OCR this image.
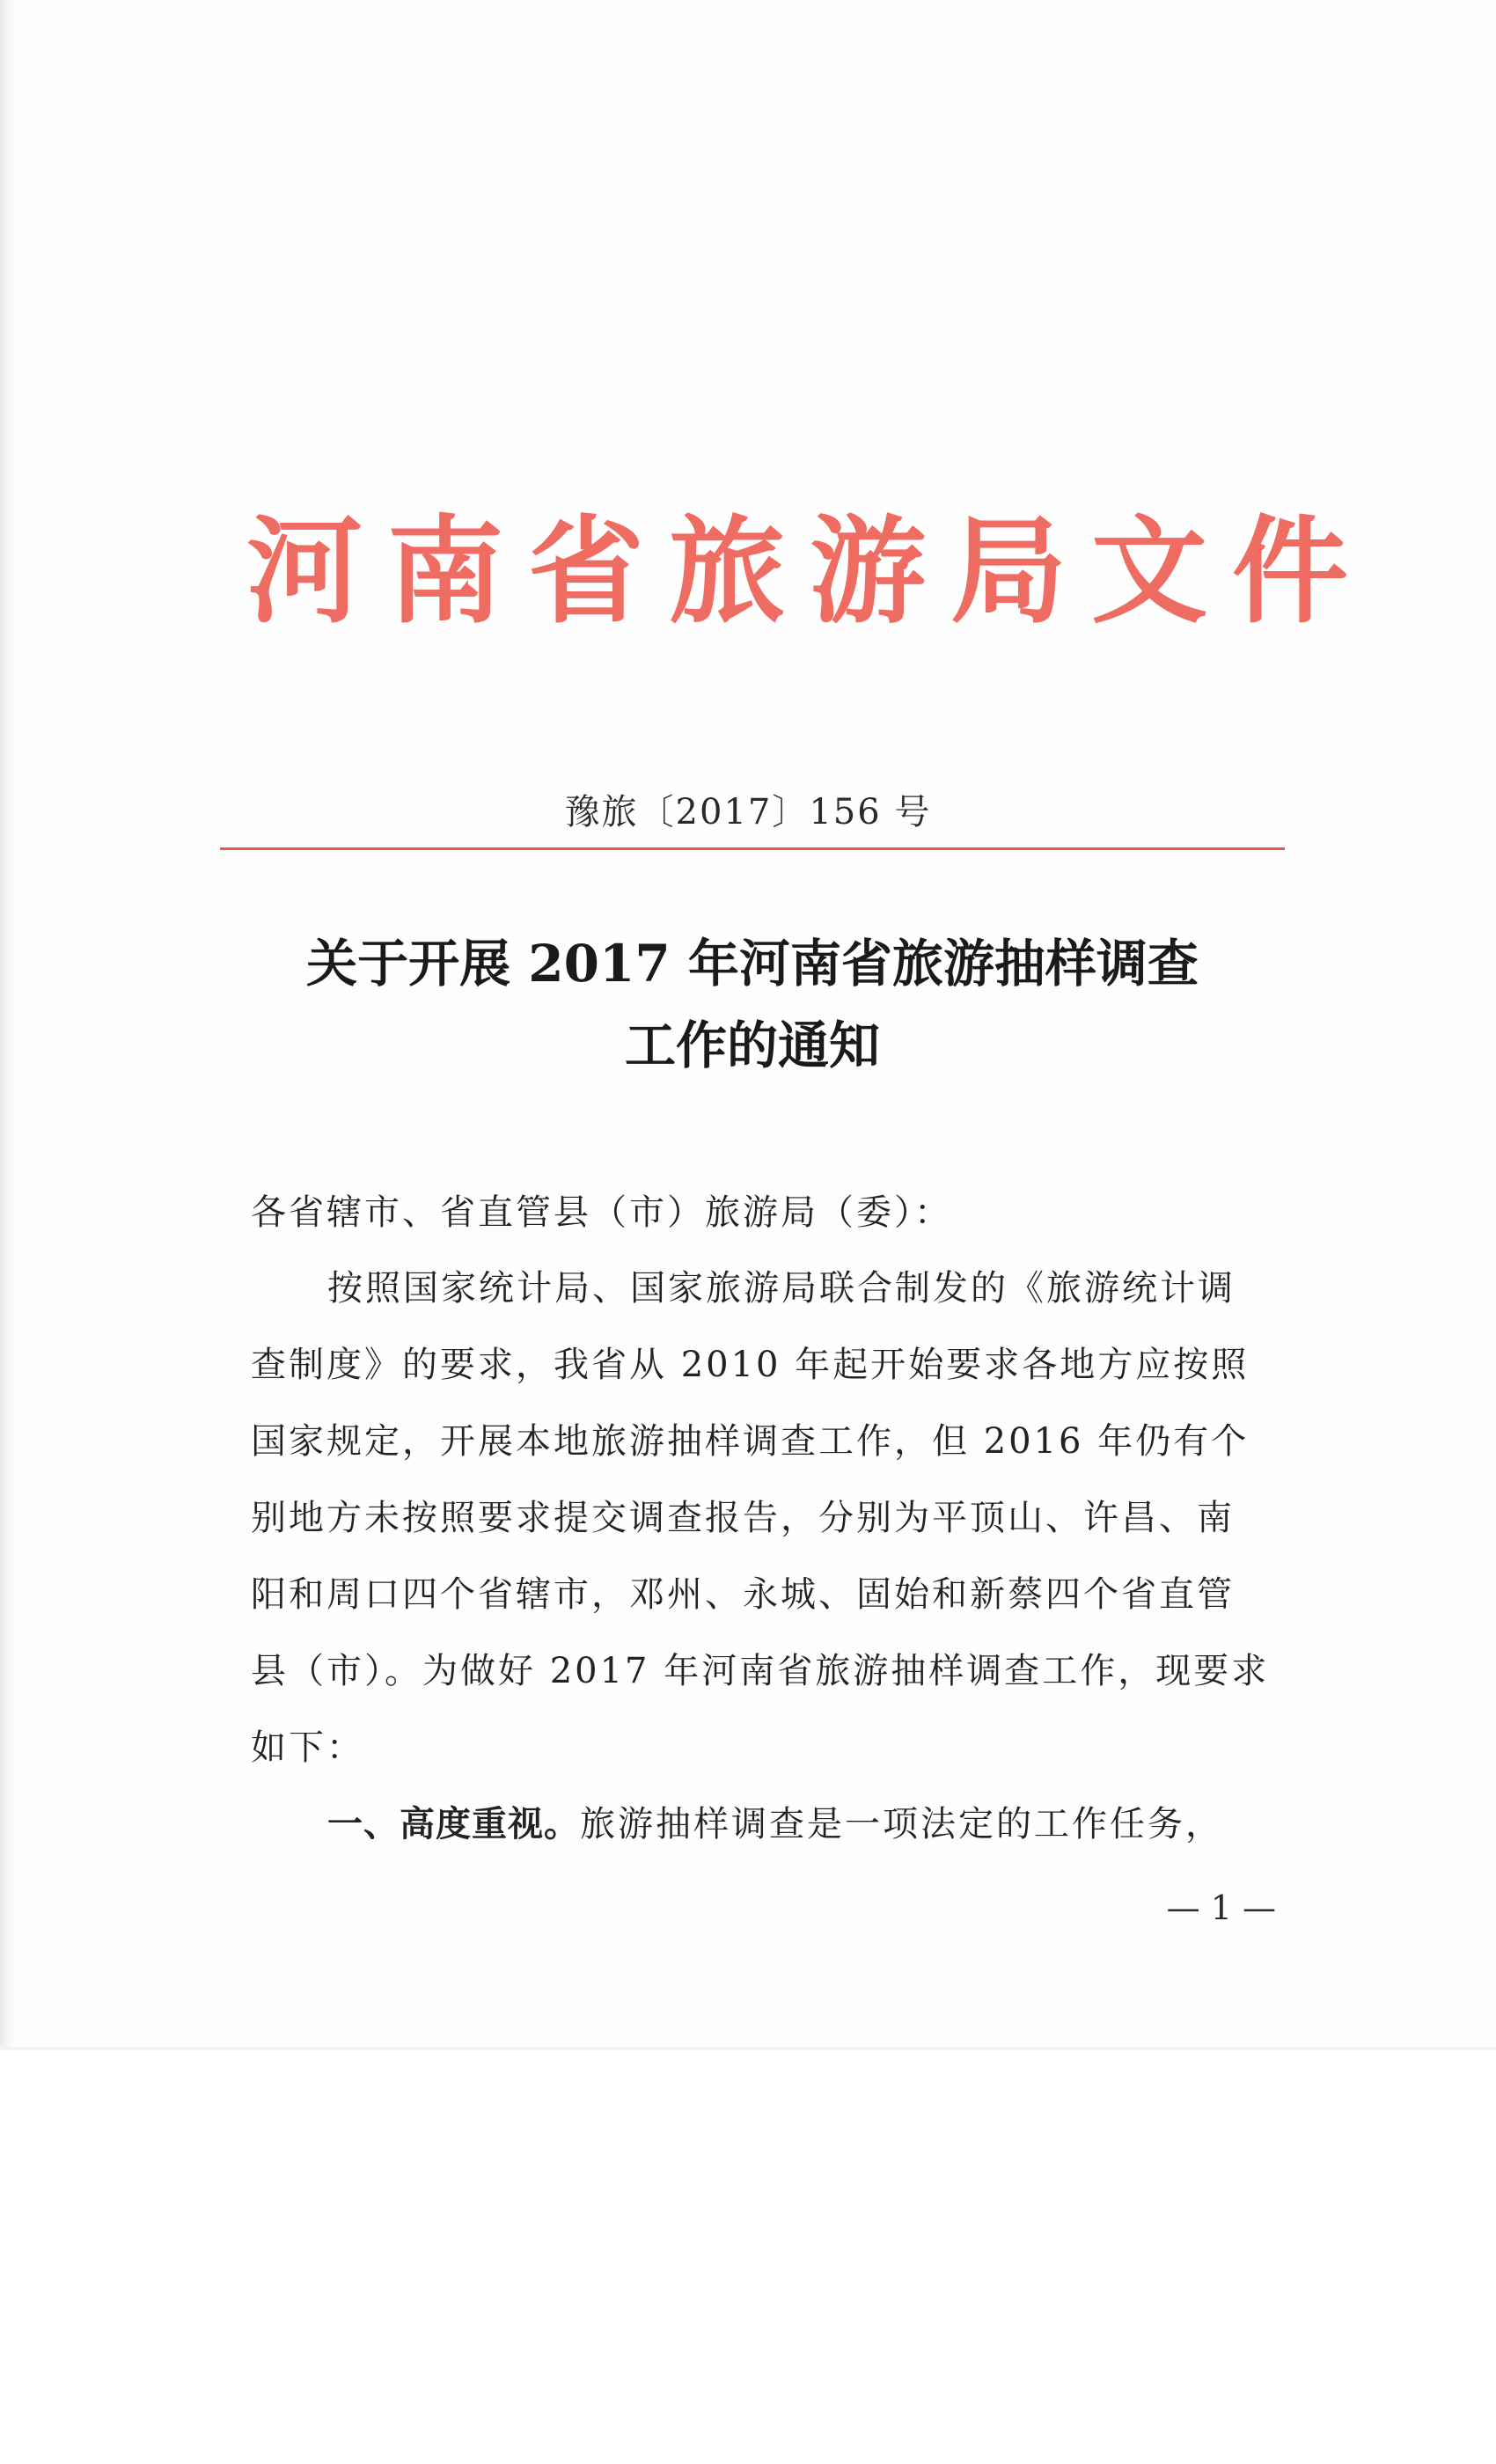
河南省旅游局文件
豫旅〔2017〕156 号
关于开展 2017 年河南省旅游抽样调查
工作的通知
各省辖市、省直管县（市）旅游局（委）：
按照国家统计局、国家旅游局联合制发的《旅游统计调
查制度》的要求，我省从 2010 年起开始要求各地方应按照
国家规定，开展本地旅游抽样调查工作，但 2016 年仍有个
别地方未按照要求提交调查报告，分别为平顶山、许昌、南
阳和周口四个省辖市，邓州、永城、固始和新蔡四个省直管
县（市）。为做好 2017 年河南省旅游抽样调查工作，现要求
如下：
一、高度重视。旅游抽样调查是一项法定的工作任务，
— 1 —
